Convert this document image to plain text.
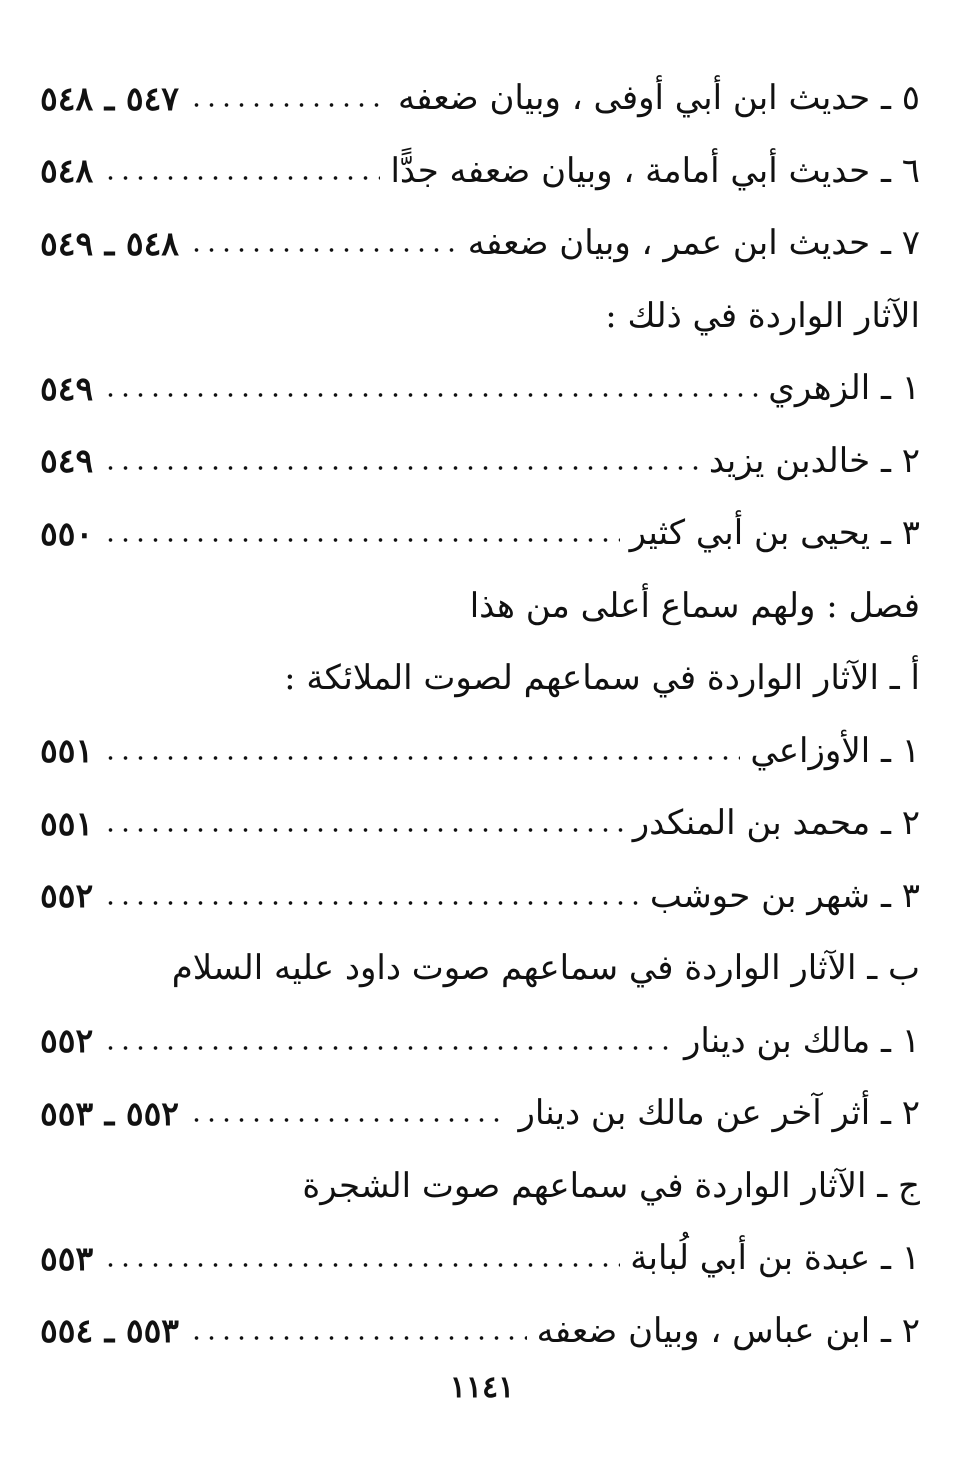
٥ ـ حديث ابن أبي أوفى ، وبيان ضعفه
٥٤٧ ـ ٥٤٨
٦ ـ حديث أبي أمامة ، وبيان ضعفه جدًّا
٥٤٨
٧ ـ حديث ابن عمر ، وبيان ضعفه
٥٤٨ ـ ٥٤٩
الآثار الواردة في ذلك :
١ ـ الزهري
٥٤٩
٢ ـ خالدبن يزيد
٥٤٩
٣ ـ يحيى بن أبي كثير
٥٥٠
فصل : ولهم سماع أعلى من هذا
أ ـ الآثار الواردة في سماعهم لصوت الملائكة :
١ ـ الأوزاعي
٥٥١
٢ ـ محمد بن المنكدر
٥٥١
٣ ـ شهر بن حوشب
٥٥٢
ب ـ الآثار الواردة في سماعهم صوت داود عليه السلام
١ ـ مالك بن دينار
٥٥٢
٢ ـ أثر آخر عن مالك بن دينار
٥٥٢ ـ ٥٥٣
ج ـ الآثار الواردة في سماعهم صوت الشجرة
١ ـ عبدة بن أبي لُبابة
٥٥٣
٢ ـ ابن عباس ، وبيان ضعفه
٥٥٣ ـ ٥٥٤
١١٤١
